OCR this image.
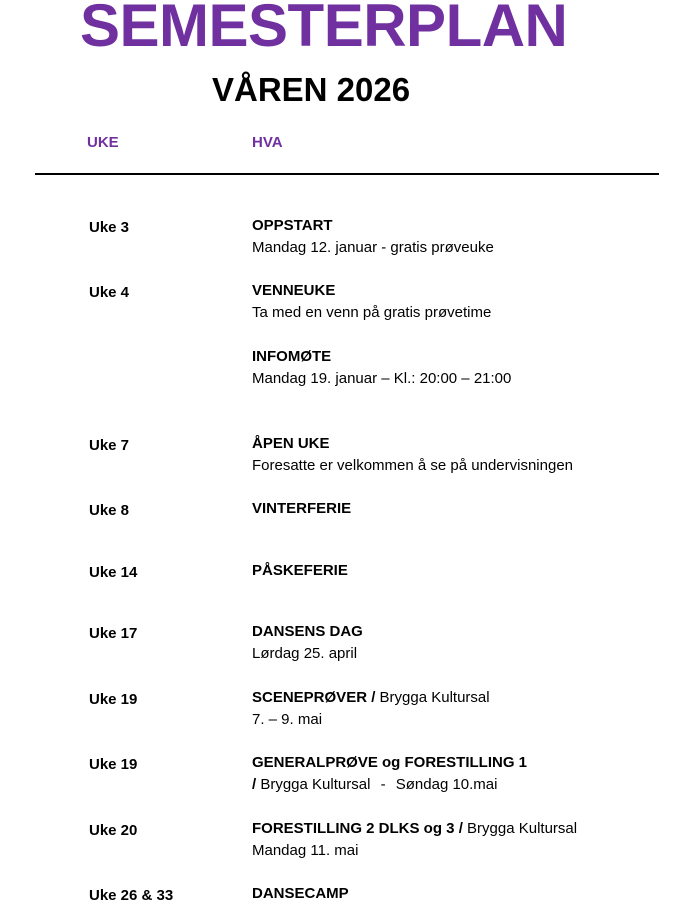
SEMESTERPLAN
VÅREN 2026
UKE	HVA
Uke 3	OPPSTART
Mandag 12. januar - gratis prøveuke
Uke 4	VENNEUKE
Ta med en venn på gratis prøvetime
INFOMØTE
Mandag 19. januar – Kl.: 20:00 – 21:00
Uke 7	ÅPEN UKE
Foresatte er velkommen å se på undervisningen
Uke 8	VINTERFERIE
Uke 14	PÅSKEFERIE
Uke 17	DANSENS DAG
Lørdag 25. april
Uke 19	SCENEPRØVER / Brygga Kultursal
7. – 9. mai
Uke 19	GENERALPRØVE og FORESTILLING 1
/ Brygga Kultursal - Søndag 10.mai
Uke 20	FORESTILLING 2 DLKS og 3 / Brygga Kultursal
Mandag 11. mai
Uke 26 & 33	DANSECAMP
